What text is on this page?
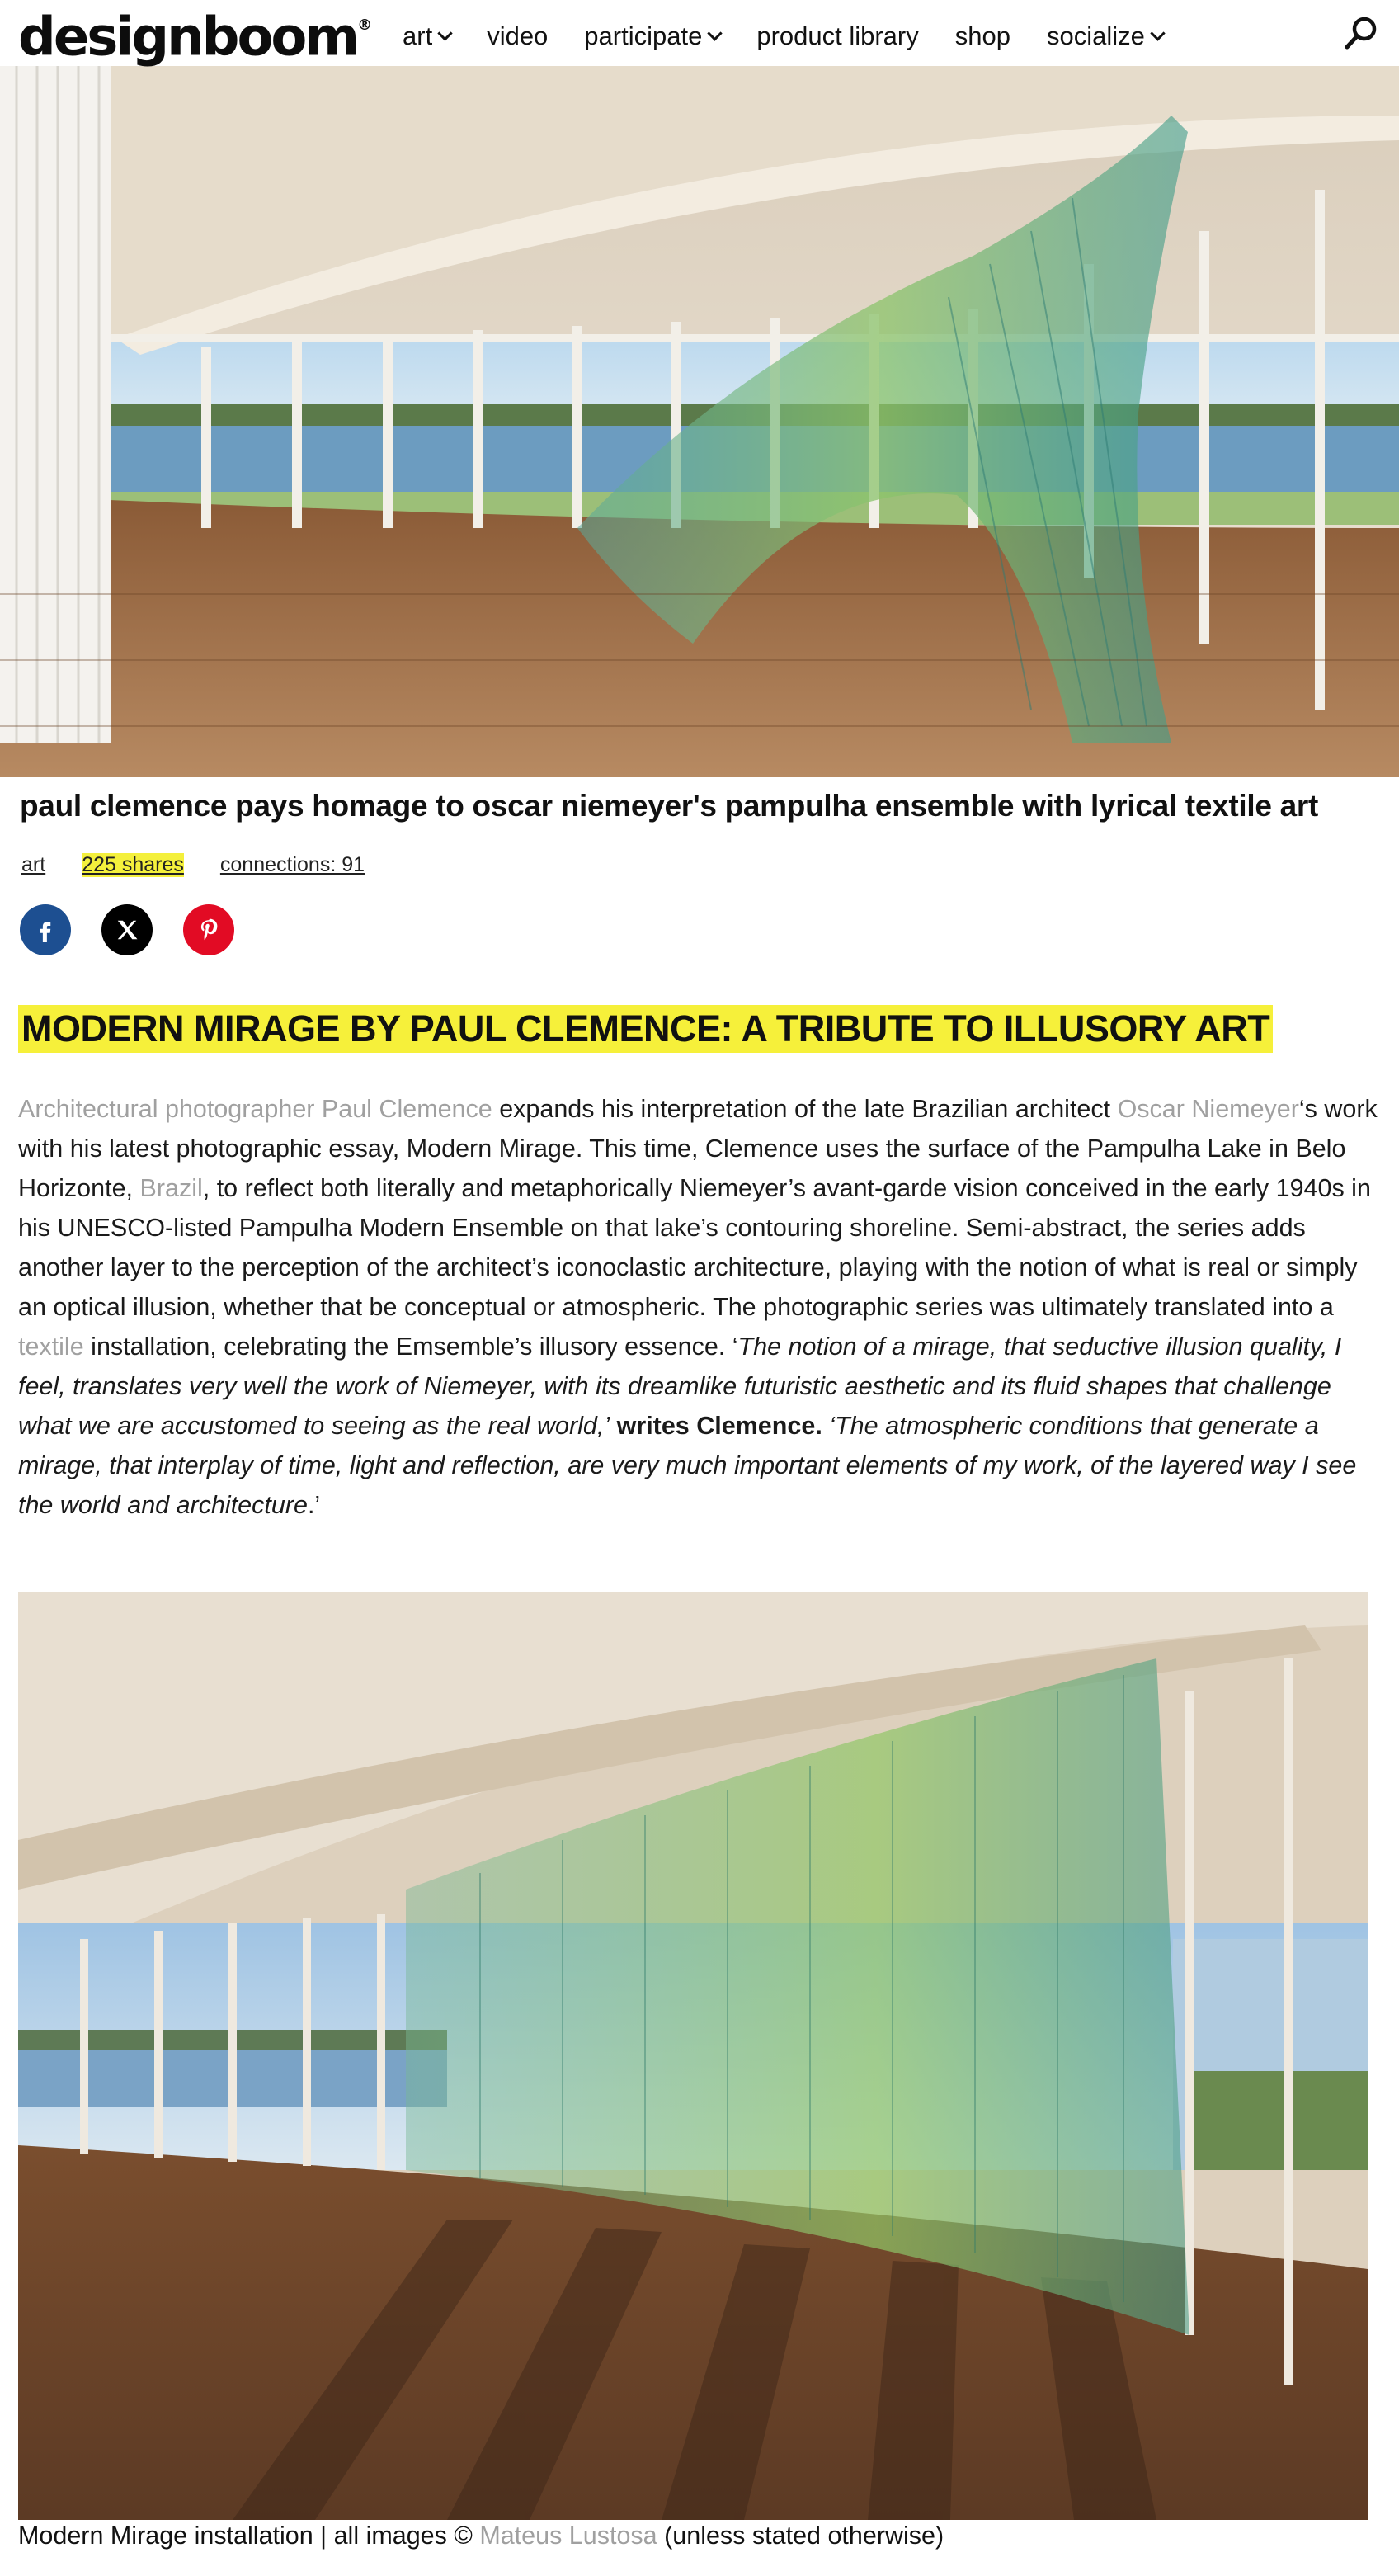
designboom® art video participate product library shop socialize
paul clemence pays homage to oscar niemeyer's pampulha ensemble with lyrical textile art
art 225 shares connections: 91
MODERN MIRAGE BY PAUL CLEMENCE: A TRIBUTE TO ILLUSORY ART
Architectural photographer Paul Clemence expands his interpretation of the late Brazilian architect Oscar Niemeyer‘s work with his latest photographic essay, Modern Mirage. This time, Clemence uses the surface of the Pampulha Lake in Belo Horizonte, Brazil, to reflect both literally and metaphorically Niemeyer’s avant-garde vision conceived in the early 1940s in his UNESCO-listed Pampulha Modern Ensemble on that lake’s contouring shoreline. Semi-abstract, the series adds another layer to the perception of the architect’s iconoclastic architecture, playing with the notion of what is real or simply an optical illusion, whether that be conceptual or atmospheric. The photographic series was ultimately translated into a textile installation, celebrating the Emsemble’s illusory essence. ‘The notion of a mirage, that seductive illusion quality, I feel, translates very well the work of Niemeyer, with its dreamlike futuristic aesthetic and its fluid shapes that challenge what we are accustomed to seeing as the real world,’ writes Clemence. ‘The atmospheric conditions that generate a mirage, that interplay of time, light and reflection, are very much important elements of my work, of the layered way I see the world and architecture.’
Modern Mirage installation | all images © Mateus Lustosa (unless stated otherwise)
